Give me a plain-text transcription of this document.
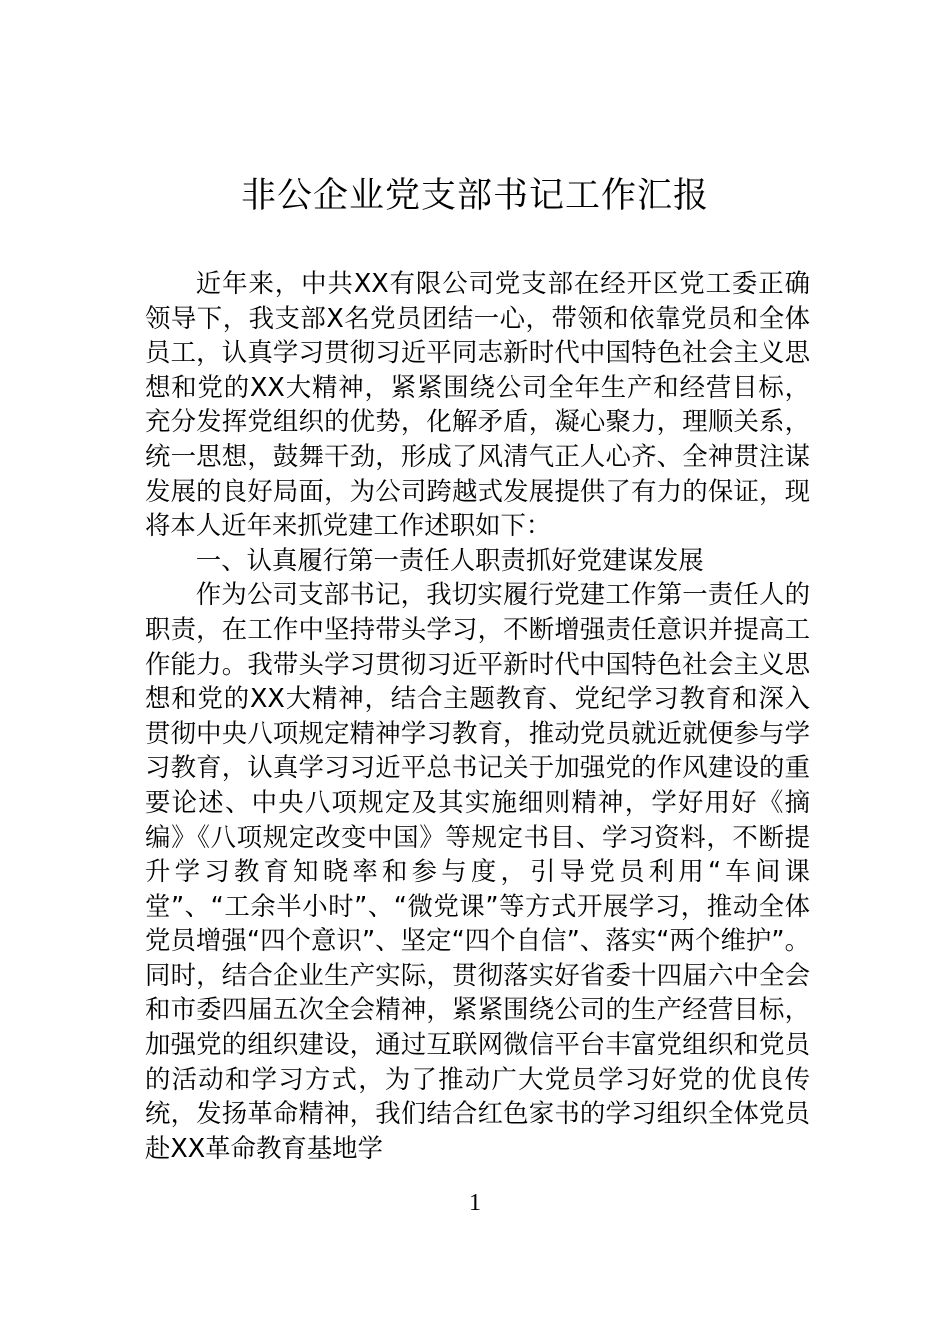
非公企业党支部书记工作汇报

近年来，中共XX有限公司党支部在经开区党工委正确领导下，我支部X名党员团结一心，带领和依靠党员和全体员工，认真学习贯彻习近平同志新时代中国特色社会主义思想和党的XX大精神，紧紧围绕公司全年生产和经营目标，充分发挥党组织的优势，化解矛盾，凝心聚力，理顺关系，统一思想，鼓舞干劲，形成了风清气正人心齐、全神贯注谋发展的良好局面，为公司跨越式发展提供了有力的保证，现将本人近年来抓党建工作述职如下：

一、认真履行第一责任人职责抓好党建谋发展

作为公司支部书记，我切实履行党建工作第一责任人的职责，在工作中坚持带头学习，不断增强责任意识并提高工作能力。我带头学习贯彻习近平新时代中国特色社会主义思想和党的XX大精神，结合主题教育、党纪学习教育和深入贯彻中央八项规定精神学习教育，推动党员就近就便参与学习教育，认真学习习近平总书记关于加强党的作风建设的重要论述、中央八项规定及其实施细则精神，学好用好《摘编》《八项规定改变中国》等规定书目、学习资料，不断提升学习教育知晓率和参与度，引导党员利用“车间课堂”、“工余半小时”、“微党课”等方式开展学习，推动全体党员增强“四个意识”、坚定“四个自信”、落实“两个维护”。同时，结合企业生产实际，贯彻落实好省委十四届六中全会和市委四届五次全会精神，紧紧围绕公司的生产经营目标，加强党的组织建设，通过互联网微信平台丰富党组织和党员的活动和学习方式，为了推动广大党员学习好党的优良传统，发扬革命精神，我们结合红色家书的学习组织全体党员赴XX革命教育基地学

1
